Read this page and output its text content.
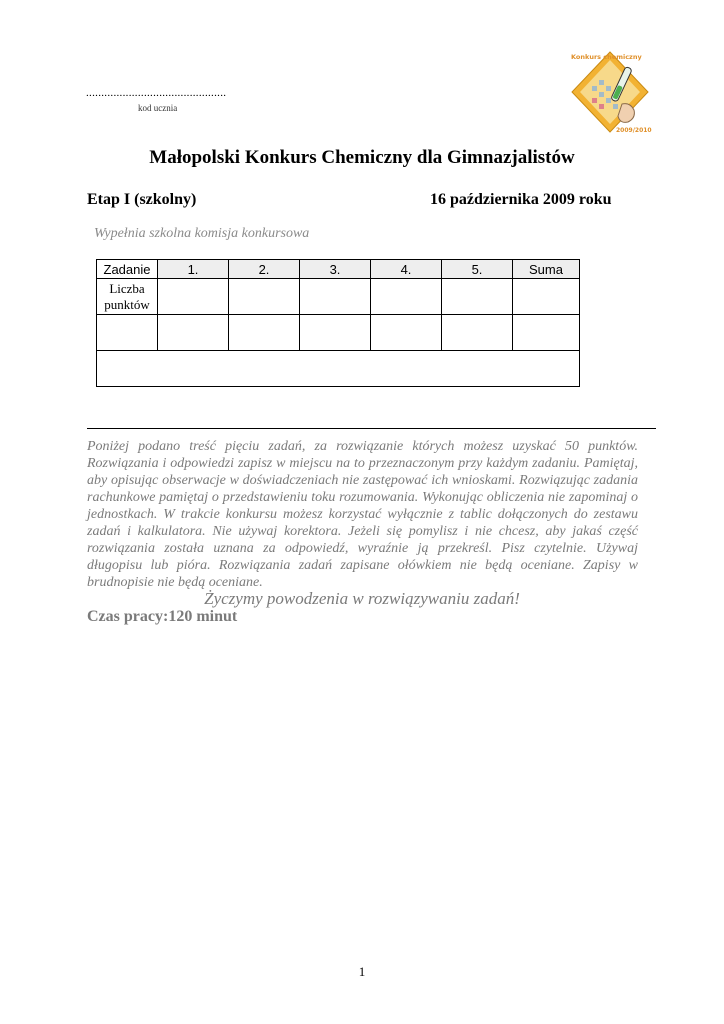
..............................................
kod ucznia
Konkurs chemiczny
2009/2010
Małopolski Konkurs Chemiczny dla Gimnazjalistów
Etap I (szkolny)	16 października 2009 roku
Wypełnia szkolna komisja konkursowa
Zadanie	1.	2.	3.	4.	5.	Suma
Liczba punktów						

Poniżej podano treść pięciu zadań, za rozwiązanie których możesz uzyskać 50 punktów. Rozwiązania i odpowiedzi zapisz w miejscu na to przeznaczonym przy każdym zadaniu. Pamiętaj, aby opisując obserwacje w doświadczeniach nie zastępować ich wnioskami. Rozwiązując zadania rachunkowe pamiętaj o przedstawieniu toku rozumowania. Wykonując obliczenia nie zapominaj o jednostkach. W trakcie konkursu możesz korzystać wyłącznie z tablic dołączonych do zestawu zadań i kalkulatora. Nie używaj korektora. Jeżeli się pomylisz i nie chcesz, aby jakaś część rozwiązania została uznana za odpowiedź, wyraźnie ją przekreśl. Pisz czytelnie. Używaj długopisu lub pióra. Rozwiązania zadań zapisane ołówkiem nie będą oceniane. Zapisy w brudnopisie nie będą oceniane.
Życzymy powodzenia w rozwiązywaniu zadań!
Czas pracy:120 minut
1
